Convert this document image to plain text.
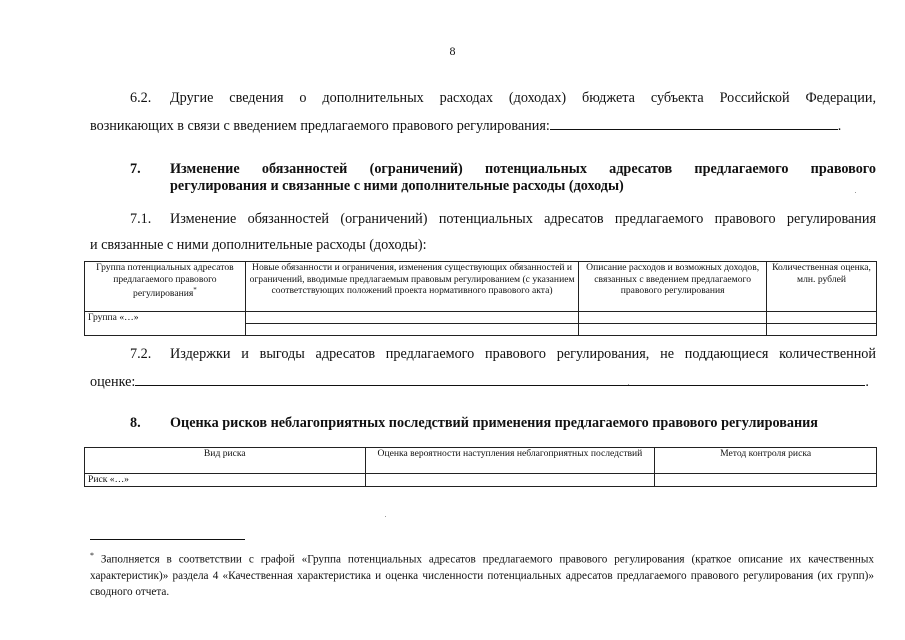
8
6.2. Другие сведения о дополнительных расходах (доходах) бюджета субъекта Российской Федерации,
возникающих в связи с введением предлагаемого правового регулирования:	.
7. Изменение обязанностей (ограничений) потенциальных адресатов предлагаемого правового
регулирования и связанные с ними дополнительные расходы (доходы)
7.1. Изменение обязанностей (ограничений) потенциальных адресатов предлагаемого правового регулирования
и связанные с ними дополнительные расходы (доходы):
Группа потенциальных адресатов предлагаемого правового регулирования*	Новые обязанности и ограничения, изменения существующих обязанностей и ограничений, вводимые предлагаемым правовым регулированием (с указанием соответствующих положений проекта нормативного правового акта)	Описание расходов и возможных доходов, связанных с введением предлагаемого правового регулирования	Количественная оценка, млн. рублей
Группа «…»			

7.2. Издержки и выгоды адресатов предлагаемого правового регулирования, не поддающиеся количественной
оценке:	.
8. Оценка рисков неблагоприятных последствий применения предлагаемого правового регулирования
Вид риска	Оценка вероятности наступления неблагоприятных последствий	Метод контроля риска
Риск «…»		
* Заполняется в соответствии с графой «Группа потенциальных адресатов предлагаемого правового регулирования (краткое описание их качественных характеристик)» раздела 4 «Качественная характеристика и оценка численности потенциальных адресатов предлагаемого правового регулирования (их групп)» сводного отчета.
